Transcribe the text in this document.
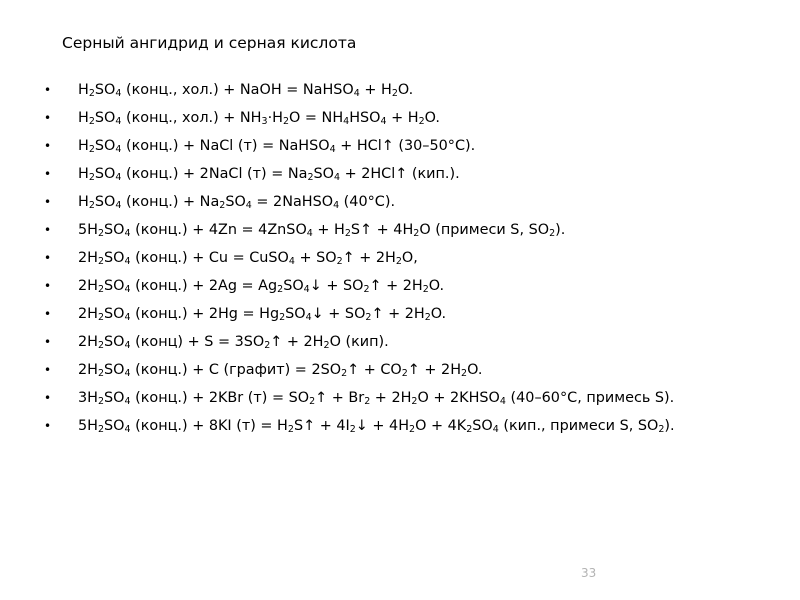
Серный ангидрид и серная кислота
• $H_2SO_4$ (конц., хол.) + NaOH = NaHSO$_4$ + $H_2O$.
• $H_2SO_4$ (конц., $хол.) + NH_3\cdot H_2O = NH_4HSO_4 + H_2O$.
• $H_2SO_4$ (конц.) + NaCl (т) = NaHSO$_4$ + HCl↑ (30–50°C).
• $H_2SO_4$ (конц.) + 2NaCl $(т) = Na_2SO_4$ + 2HCl↑ (кип.).
• $H_2SO_4$ (конц.) + $Na_2SO_4$ = 2NaHSO$_4$ (40°C).
• $5H_2SO_4$ (конц.) + 4Zn = 4ZnSO$_4$ + $H_2S↑ + 4H_2O$ (примеси S, $SO_2$).
• $2H_2SO_4$ (конц.) + Cu = CuSO$_4$ + $SO_2↑ + 2H_2O$,
• $2H_2SO_4$ (конц.) + $2Ag = Ag_2SO_4↓$ + $SO_2↑ + 2H_2O$.
• $2H_2SO_4$ (конц.) + $2Hg = Hg_2SO_4↓$ + $SO_2↑ + 2H_2O$.
• $2H_2SO_4$ (конц) + $S = 3SO_2↑ + 2H_2O$ (кип).
• $2H_2SO_4$ (конц.) + C (графит) = $2SO_2↑$ + $CO_2↑ + 2H_2O$.
• $3H_2SO_4$ (конц.) + 2KBr $(т) = SO_2↑ + Br_2 + 2H_2O$ + $2KHSO_4$ (40–60°C, примесь S).
• $5H_2SO_4$ (конц.) + 8KI $(т) = H_2S↑$ + $4I_2↓ + 4H_2O + 4K_2SO_4$ (кип., примеси S, $SO_2$).
33
